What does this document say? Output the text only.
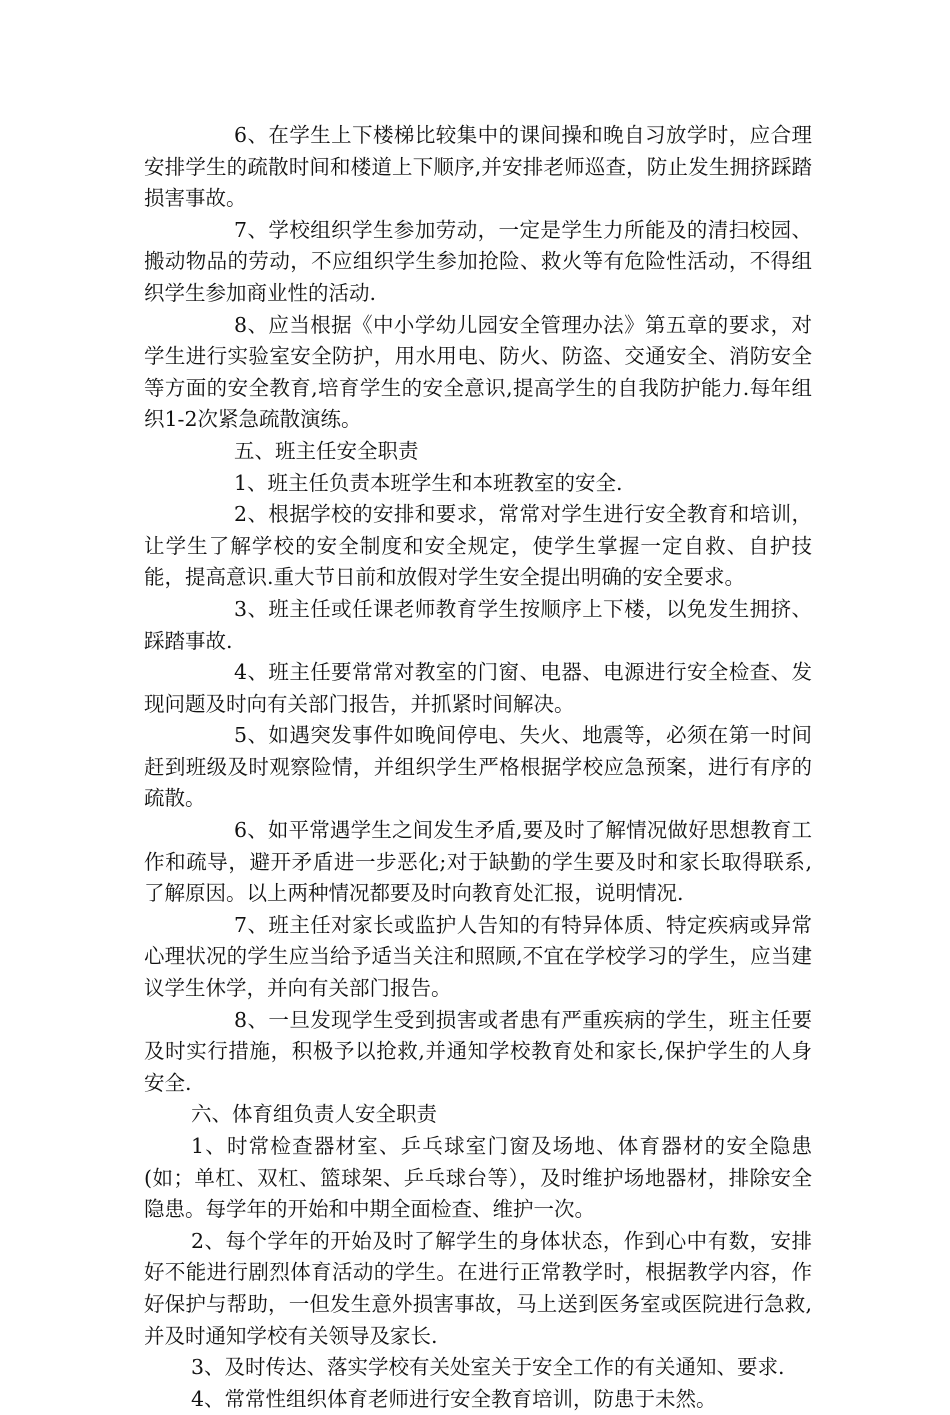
6、在学生上下楼梯比较集中的课间操和晚自习放学时，应合理安排学生的疏散时间和楼道上下顺序,并安排老师巡查，防止发生拥挤踩踏损害事故。

7、学校组织学生参加劳动，一定是学生力所能及的清扫校园、搬动物品的劳动，不应组织学生参加抢险、救火等有危险性活动，不得组织学生参加商业性的活动.

8、应当根据《中小学幼儿园安全管理办法》第五章的要求，对学生进行实验室安全防护，用水用电、防火、防盗、交通安全、消防安全等方面的安全教育,培育学生的安全意识,提高学生的自我防护能力.每年组织1-2次紧急疏散演练。

五、班主任安全职责

1、班主任负责本班学生和本班教室的安全.

2、根据学校的安排和要求，常常对学生进行安全教育和培训，让学生了解学校的安全制度和安全规定，使学生掌握一定自救、自护技能，提高意识.重大节日前和放假对学生安全提出明确的安全要求。

3、班主任或任课老师教育学生按顺序上下楼，以免发生拥挤、踩踏事故.

4、班主任要常常对教室的门窗、电器、电源进行安全检查、发现问题及时向有关部门报告，并抓紧时间解决。

5、如遇突发事件如晚间停电、失火、地震等，必须在第一时间赶到班级及时观察险情，并组织学生严格根据学校应急预案，进行有序的疏散。

6、如平常遇学生之间发生矛盾,要及时了解情况做好思想教育工作和疏导，避开矛盾进一步恶化;对于缺勤的学生要及时和家长取得联系,了解原因。以上两种情况都要及时向教育处汇报，说明情况.

7、班主任对家长或监护人告知的有特异体质、特定疾病或异常心理状况的学生应当给予适当关注和照顾,不宜在学校学习的学生，应当建议学生休学，并向有关部门报告。

8、一旦发现学生受到损害或者患有严重疾病的学生，班主任要及时实行措施，积极予以抢救,并通知学校教育处和家长,保护学生的人身安全.

六、体育组负责人安全职责

1、时常检查器材室、乒乓球室门窗及场地、体育器材的安全隐患(如；单杠、双杠、篮球架、乒乓球台等），及时维护场地器材，排除安全隐患。每学年的开始和中期全面检查、维护一次。

2、每个学年的开始及时了解学生的身体状态，作到心中有数，安排好不能进行剧烈体育活动的学生。在进行正常教学时，根据教学内容，作好保护与帮助，一但发生意外损害事故，马上送到医务室或医院进行急救,并及时通知学校有关领导及家长.

3、及时传达、落实学校有关处室关于安全工作的有关通知、要求.

4、常常性组织体育老师进行安全教育培训，防患于未然。
